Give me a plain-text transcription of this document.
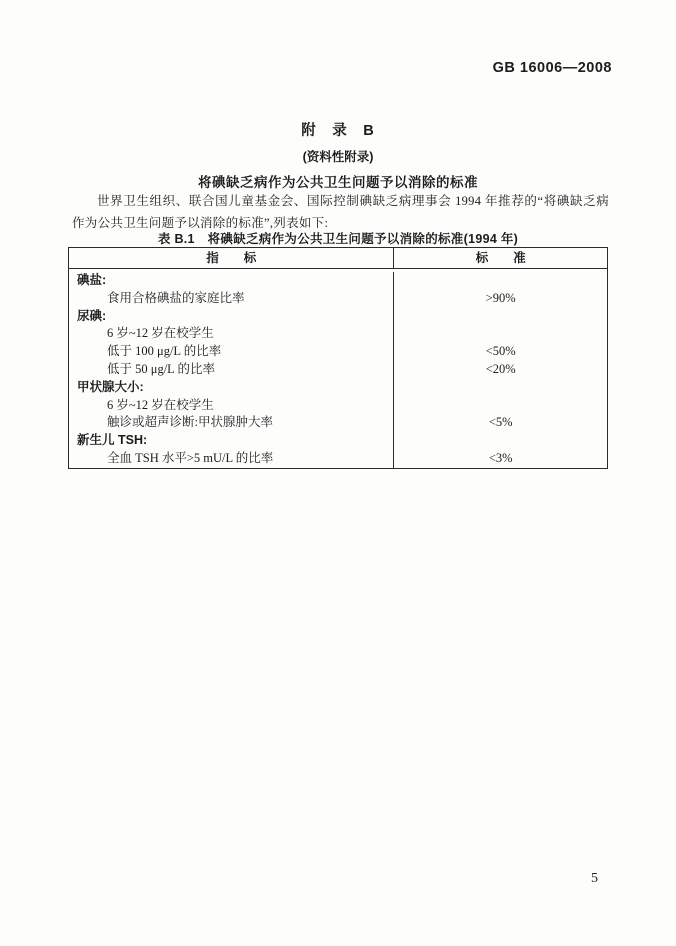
GB 16006—2008
附　录　B
(资料性附录)
将碘缺乏病作为公共卫生问题予以消除的标准
世界卫生组织、联合国儿童基金会、国际控制碘缺乏病理事会 1994 年推荐的“将碘缺乏病作为公共卫生问题予以消除的标准”,列表如下:
表 B.1　将碘缺乏病作为公共卫生问题予以消除的标准(1994 年)
指　　标	标　　准
碘盐:
食用合格碘盐的家庭比率	>90%
尿碘:
6 岁~12 岁在校学生
低于 100 μg/L 的比率	<50%
低于 50 μg/L 的比率	<20%
甲状腺大小:
6 岁~12 岁在校学生
触诊或超声诊断:甲状腺肿大率	<5%
新生儿 TSH:
全血 TSH 水平>5 mU/L 的比率	<3%
5
